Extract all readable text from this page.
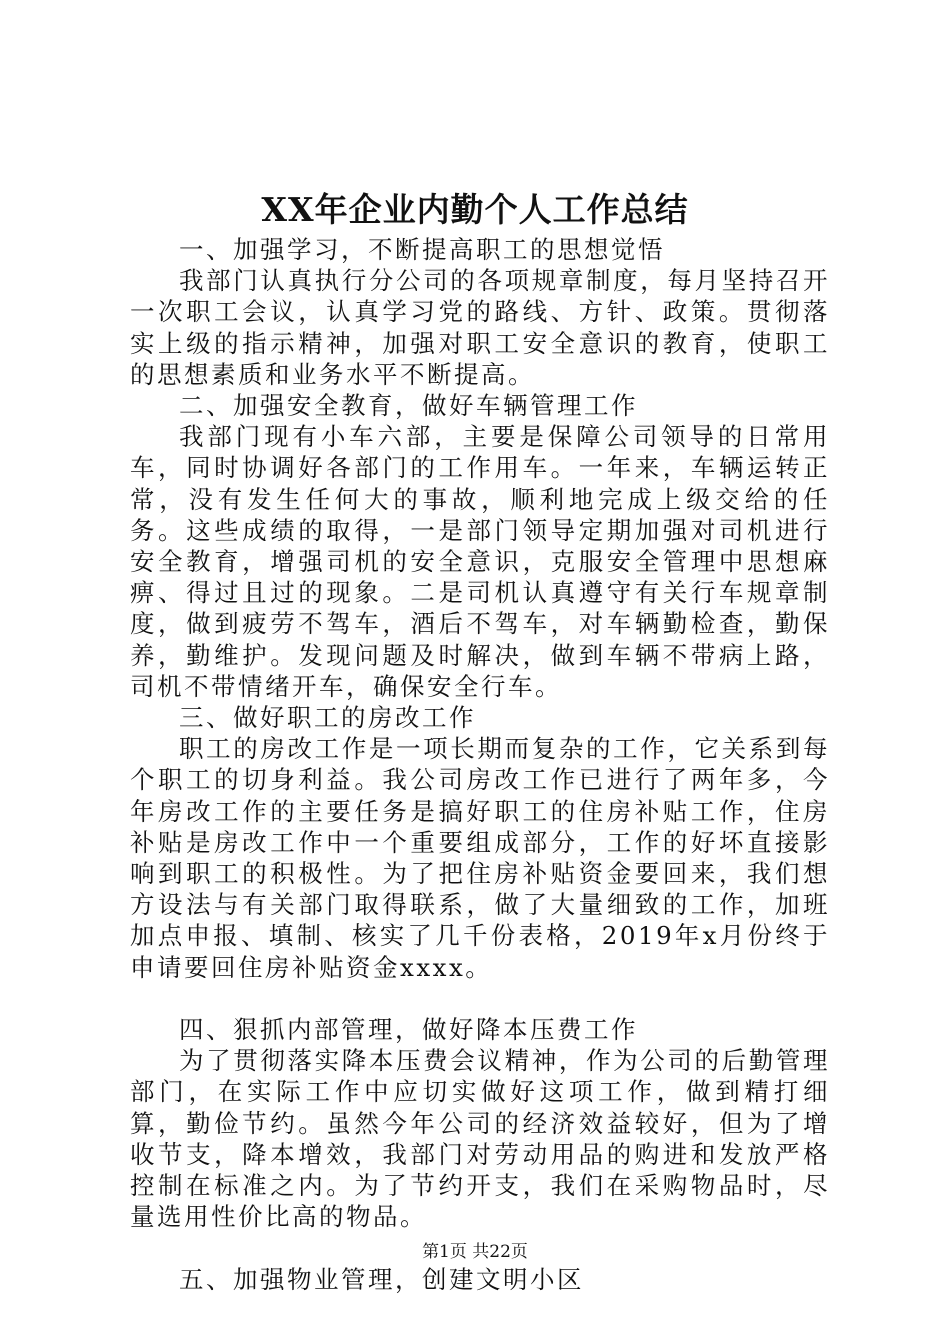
XX年企业内勤个人工作总结

一、加强学习，不断提高职工的思想觉悟

我部门认真执行分公司的各项规章制度，每月坚持召开一次职工会议，认真学习党的路线、方针、政策。贯彻落实上级的指示精神，加强对职工安全意识的教育，使职工的思想素质和业务水平不断提高。

二、加强安全教育，做好车辆管理工作

我部门现有小车六部，主要是保障公司领导的日常用车，同时协调好各部门的工作用车。一年来，车辆运转正常，没有发生任何大的事故，顺利地完成上级交给的任务。这些成绩的取得，一是部门领导定期加强对司机进行安全教育，增强司机的安全意识，克服安全管理中思想麻痹、得过且过的现象。二是司机认真遵守有关行车规章制度，做到疲劳不驾车，酒后不驾车，对车辆勤检查，勤保养，勤维护。发现问题及时解决，做到车辆不带病上路，司机不带情绪开车，确保安全行车。

三、做好职工的房改工作

职工的房改工作是一项长期而复杂的工作，它关系到每个职工的切身利益。我公司房改工作已进行了两年多，今年房改工作的主要任务是搞好职工的住房补贴工作，住房补贴是房改工作中一个重要组成部分，工作的好坏直接影响到职工的积极性。为了把住房补贴资金要回来，我们想方设法与有关部门取得联系，做了大量细致的工作，加班加点申报、填制、核实了几千份表格，2019年x月份终于申请要回住房补贴资金xxxx。

四、狠抓内部管理，做好降本压费工作

为了贯彻落实降本压费会议精神，作为公司的后勤管理部门，在实际工作中应切实做好这项工作，做到精打细算，勤俭节约。虽然今年公司的经济效益较好，但为了增收节支，降本增效，我部门对劳动用品的购进和发放严格控制在标准之内。为了节约开支，我们在采购物品时，尽量选用性价比高的物品。

五、加强物业管理，创建文明小区

第1页 共22页
